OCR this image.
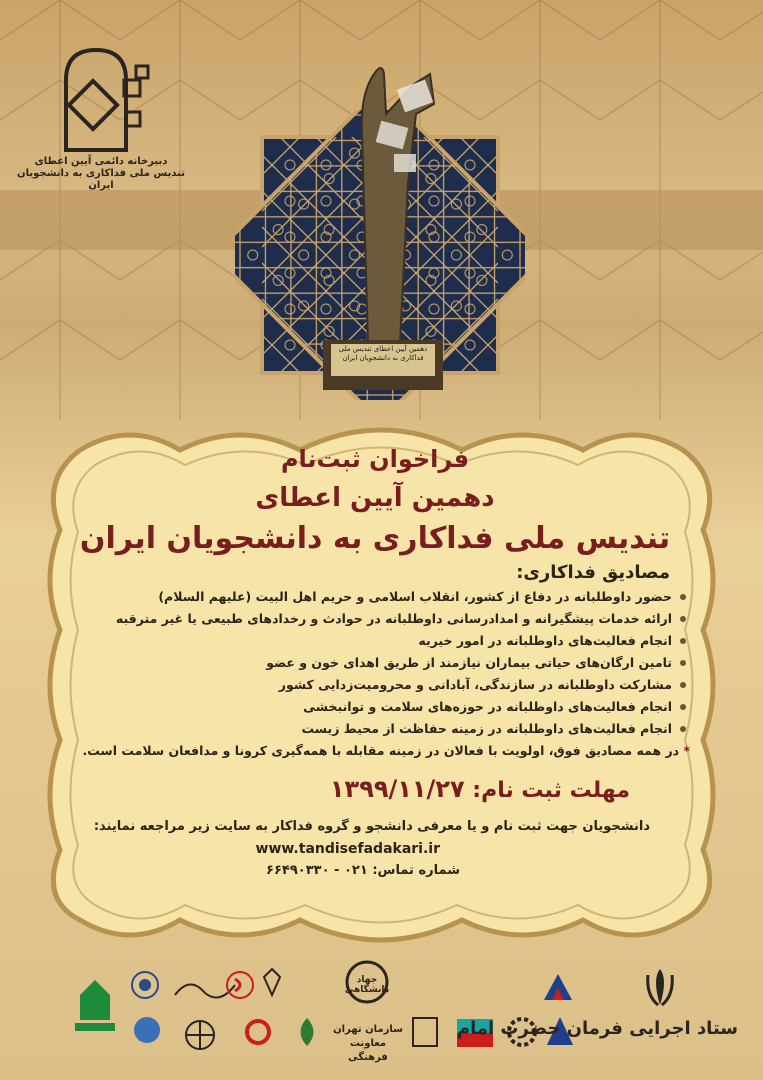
دبیرخانه دائمی آیین اعطای
تندیس ملی فداکاری به دانشجویان ایران
دهمین آیین اعطای تندیس ملی
فداکاری به دانشجویان ایران
فراخوان ثبت‌نام
دهمین آیین اعطای
تندیس ملی فداکاری به دانشجویان ایران
مصادیق فداکاری:
حضور داوطلبانه در دفاع از کشور، انقلاب اسلامی و حریم اهل البیت (علیهم السلام)
ارائه خدمات پیشگیرانه و امدادرسانی داوطلبانه در حوادث و رخدادهای طبیعی یا غیر مترقبه
انجام فعالیت‌های داوطلبانه در امور خیریه
تامین ارگان‌های حیاتی بیماران نیازمند از طریق اهدای خون و عضو
مشارکت داوطلبانه در سازندگی، آبادانی و محرومیت‌زدایی کشور
انجام فعالیت‌های داوطلبانه در حوزه‌های سلامت و توانبخشی
انجام فعالیت‌های داوطلبانه در زمینه حفاظت از محیط زیست
* در همه مصادیق فوق، اولویت با فعالان در زمینه مقابله با همه‌گیری کرونا و مدافعان سلامت است.
مهلت ثبت نام: ۱۳۹۹/۱۱/۲۷
دانشجویان جهت ثبت نام و یا معرفی دانشجو و گروه فداکار به سایت زیر مراجعه نمایند:
www.tandisefadakari.ir
شماره تماس: ۰۲۱ - ۶۶۴۹۰۳۳۰
جهاد دانشگاهی
سازمان تهران
معاونت فرهنگی
ستاد اجرایی فرمان حضرت امام
